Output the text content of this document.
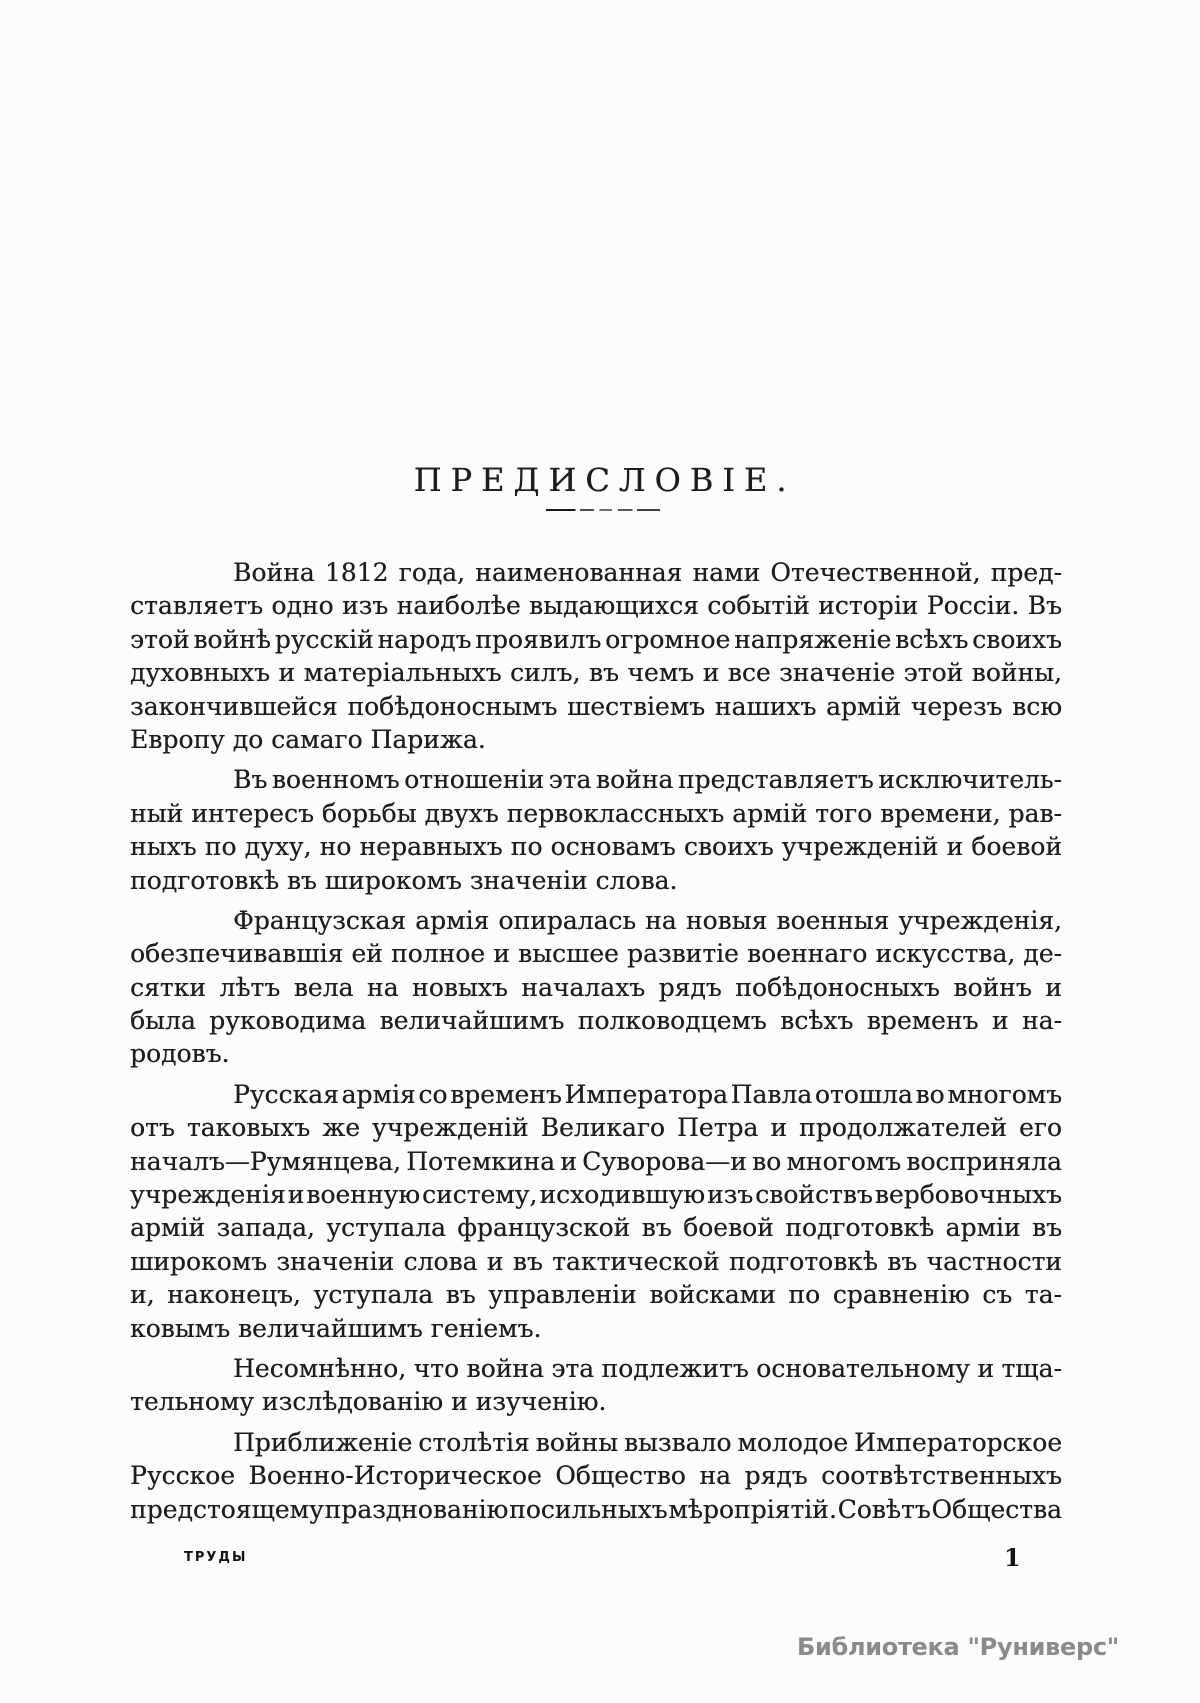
ПРЕДИСЛОВІЕ.
Война 1812 года, наименованная нами Отечественной, пред-
ставляетъ одно изъ наиболѣе выдающихся событій исторіи Россіи. Въ
этой войнѣ русскій народъ проявилъ огромное напряженіе всѣхъ своихъ
духовныхъ и матеріальныхъ силъ, въ чемъ и все значеніе этой войны,
закончившейся побѣдоноснымъ шествіемъ нашихъ армій черезъ всю
Европу до самаго Парижа.
Въ военномъ отношеніи эта война представляетъ исключитель-
ный интересъ борьбы двухъ первоклассныхъ армій того времени, рав-
ныхъ по духу, но неравныхъ по основамъ своихъ учрежденій и боевой
подготовкѣ въ широкомъ значеніи слова.
Французская армія опиралась на новыя военныя учрежденія,
обезпечивавшія ей полное и высшее развитіе военнаго искусства, де-
сятки лѣтъ вела на новыхъ началахъ рядъ побѣдоносныхъ войнъ и
была руководима величайшимъ полководцемъ всѣхъ временъ и на-
родовъ.
Русская армія со временъ Императора Павла отошла во многомъ
отъ таковыхъ же учрежденій Великаго Петра и продолжателей его
началъ—Румянцева, Потемкина и Суворова—и во многомъ восприняла
учрежденія и военную систему, исходившую изъ свойствъ вербовочныхъ
армій запада, уступала французской въ боевой подготовкѣ арміи въ
широкомъ значеніи слова и въ тактической подготовкѣ въ частности
и, наконецъ, уступала въ управленіи войсками по сравненію съ та-
ковымъ величайшимъ геніемъ.
Несомнѣнно, что война эта подлежитъ основательному и тща-
тельному изслѣдованію и изученію.
Приближеніе столѣтія войны вызвало молодое Императорское
Русское Военно-Историческое Общество на рядъ соотвѣтственныхъ
предстоящему празднованію посильныхъ мѣропріятій. Совѣтъ Общества
ТРУДЫ	1
Библиотека "Руниверс"
